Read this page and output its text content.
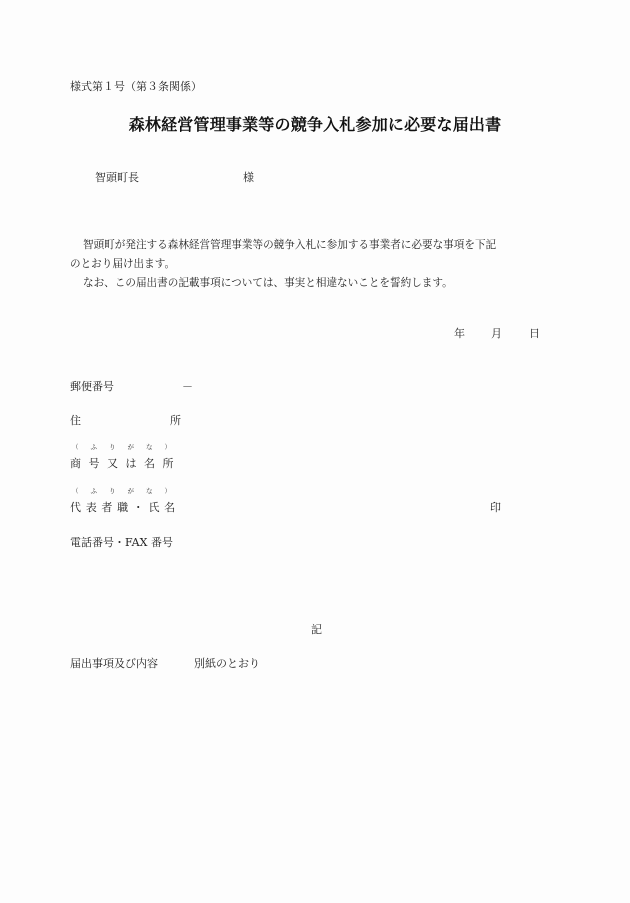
様式第１号（第３条関係）
森林経営管理事業等の競争入札参加に必要な届出書
智頭町長	様
智頭町が発注する森林経営管理事業等の競争入札に参加する事業者に必要な事項を下記
のとおり届け出ます。
なお、この届出書の記載事項については、事実と相違ないことを誓約します。
年 月 日
郵便番号	－
住	所
（ ふ り が な ）
商 号 又 は 名 所
（ ふ り が な ）
代 表 者 職 ・ 氏 名	印
電話番号・FAX 番号
記
届出事項及び内容	別紙のとおり
